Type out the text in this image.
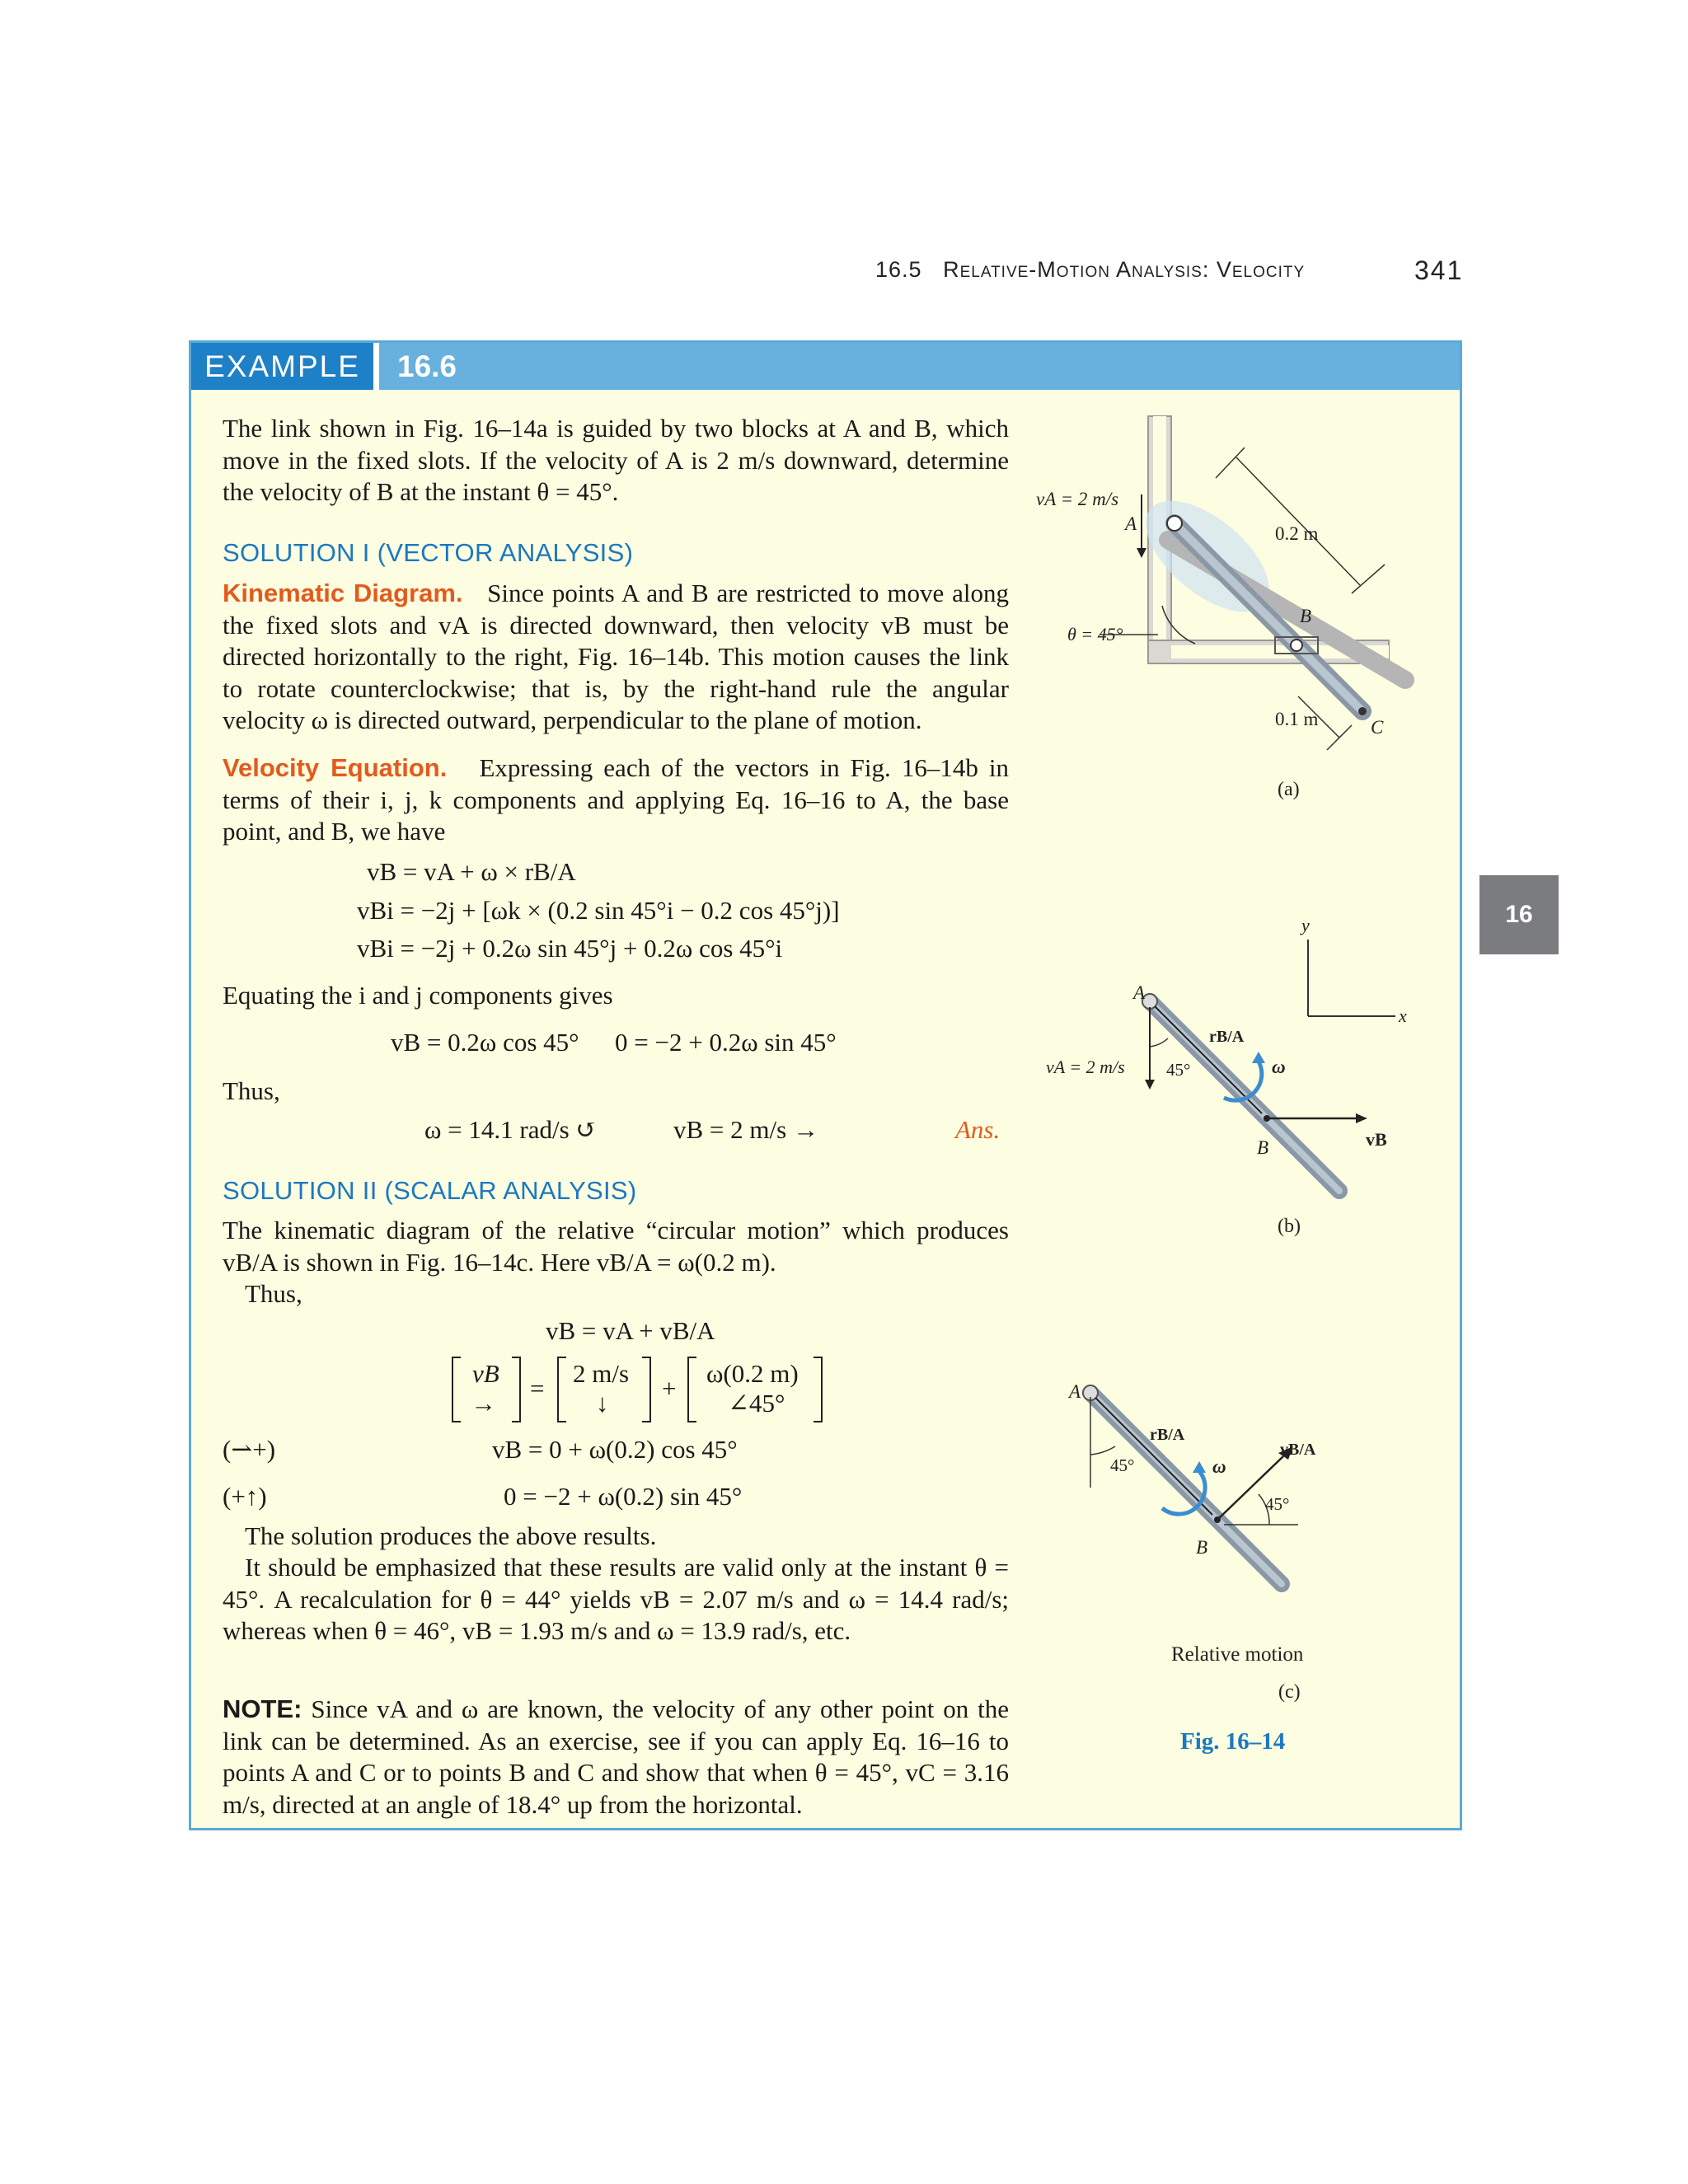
16.5 Relative-Motion Analysis: Velocity	341
16
EXAMPLE	16.6
The link shown in Fig. 16–14a is guided by two blocks at A and B, which move in the fixed slots. If the velocity of A is 2 m/s downward, determine the velocity of B at the instant θ = 45°.
SOLUTION I (VECTOR ANALYSIS)
Kinematic Diagram. Since points A and B are restricted to move along the fixed slots and vA is directed downward, then velocity vB must be directed horizontally to the right, Fig. 16–14b. This motion causes the link to rotate counterclockwise; that is, by the right-hand rule the angular velocity ω is directed outward, perpendicular to the plane of motion.
Velocity Equation. Expressing each of the vectors in Fig. 16–14b in terms of their i, j, k components and applying Eq. 16–16 to A, the base point, and B, we have
vB = vA + ω × rB/A
vBi = −2j + [ωk × (0.2 sin 45°i − 0.2 cos 45°j)]
vBi = −2j + 0.2ω sin 45°j + 0.2ω cos 45°i
Equating the i and j components gives
vB = 0.2ω cos 45° 0 = −2 + 0.2ω sin 45°
Thus,
ω = 14.1 rad/s ↺	vB = 2 m/s →	Ans.
SOLUTION II (SCALAR ANALYSIS)
The kinematic diagram of the relative “circular motion” which produces vB/A is shown in Fig. 16–14c. Here vB/A = ω(0.2 m).
Thus,
vB = vA + vB/A
vB
→
=
2 m/s
↓
+
ω(0.2 m)
∠45°
(⇀+)	vB = 0 + ω(0.2) cos 45°
(+↑)	0 = −2 + ω(0.2) sin 45°
The solution produces the above results.
It should be emphasized that these results are valid only at the instant θ = 45°. A recalculation for θ = 44° yields vB = 2.07 m/s and ω = 14.4 rad/s; whereas when θ = 46°, vB = 1.93 m/s and ω = 13.9 rad/s, etc.
NOTE: Since vA and ω are known, the velocity of any other point on the link can be determined. As an exercise, see if you can apply Eq. 16–16 to points A and C or to points B and C and show that when θ = 45°, vC = 3.16 m/s, directed at an angle of 18.4° up from the horizontal.
0.2 m
0.1 m
vA = 2 m/s
A
B
C
θ = 45°
(a)
y
x
A
B
rB/A
ω
vA = 2 m/s 45°
vB
(b)
A
B
rB/A
ω
vB/A
45°
45°
Relative motion
(c)
Fig. 16–14
